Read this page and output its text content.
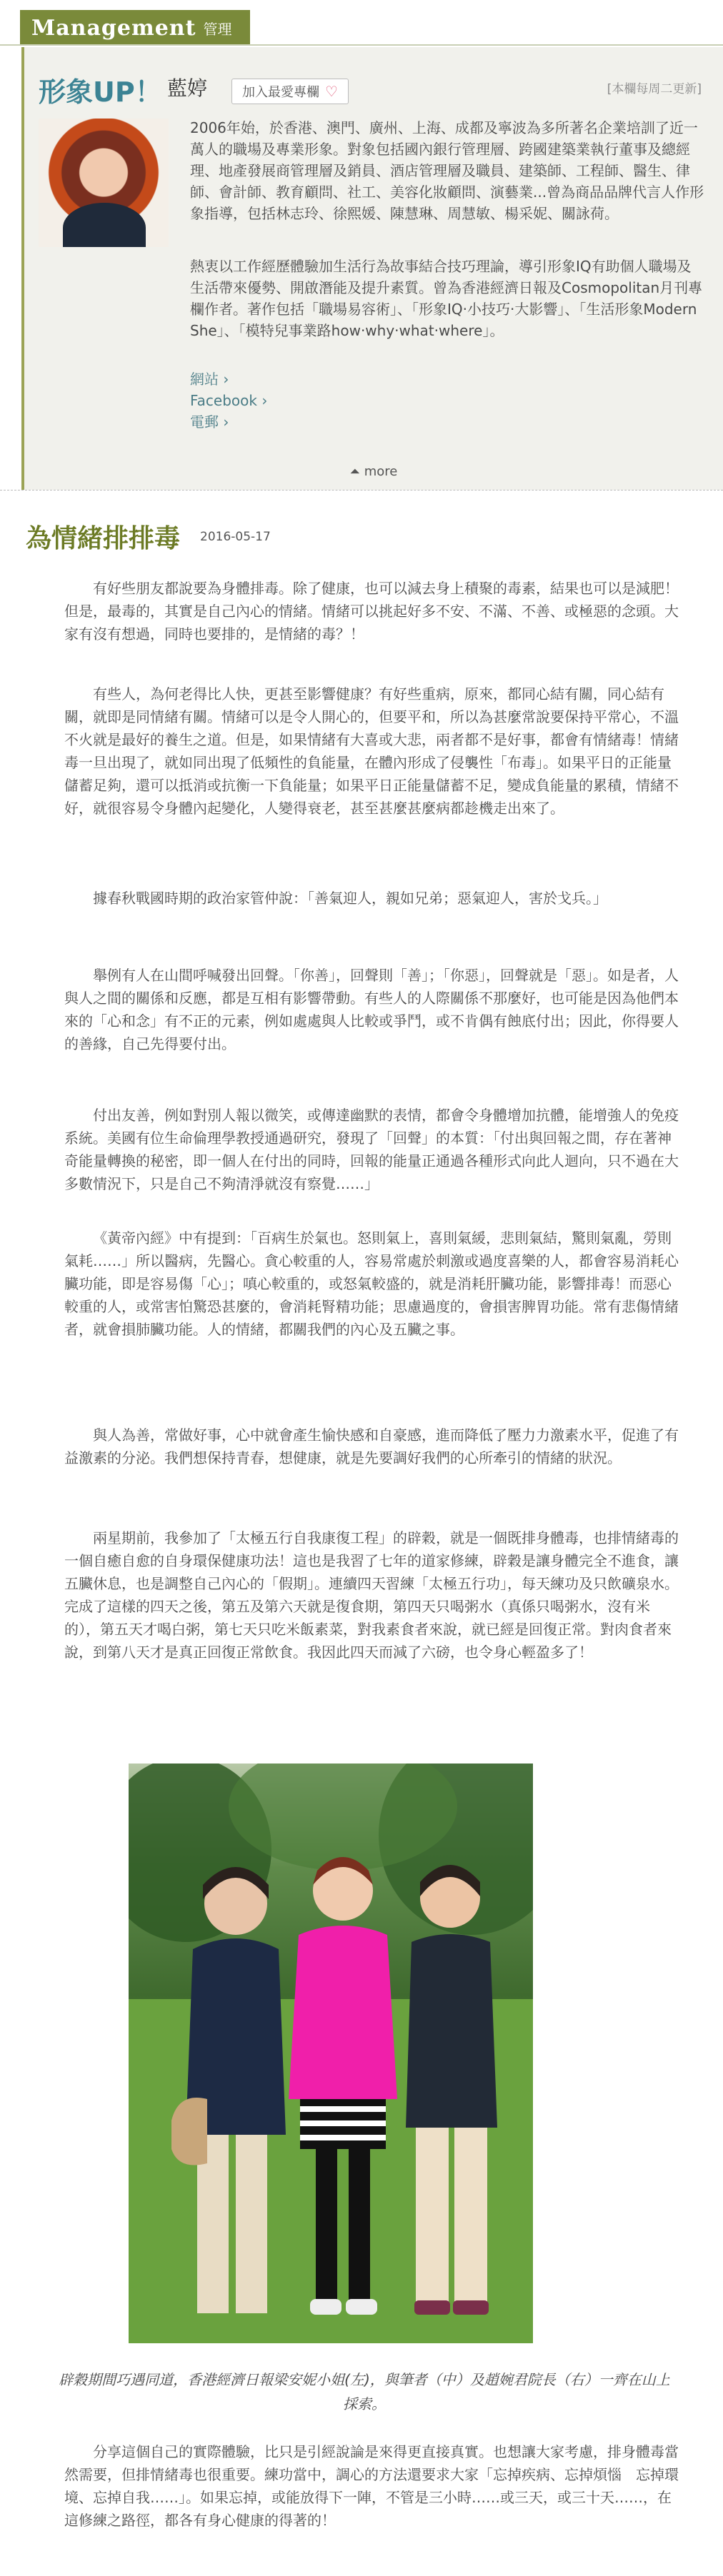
Management 管理
形象UP！ 藍婷	加入最愛專欄 ♡	[本欄每周二更新]
2006年始，於香港、澳門、廣州、上海、成都及寧波為多所著名企業培訓了近一萬人的職場及專業形象。對象包括國內銀行管理層、跨國建築業執行董事及總經理、地產發展商管理層及銷員、酒店管理層及職員、建築師、工程師、醫生、律師、會計師、教育顧問、社工、美容化妝顧問、演藝業...曾為商品品牌代言人作形象指導，包括林志玲、徐熙媛、陳慧琳、周慧敏、楊采妮、關詠荷。
熱衷以工作經歷體驗加生活行為故事結合技巧理論，導引形象IQ有助個人職場及生活帶來優勢、開啟潛能及提升素質。曾為香港經濟日報及Cosmopolitan月刊專欄作者。著作包括「職場易容術」、「形象IQ‧小技巧‧大影響」、「生活形象Modern She」、「模特兒事業路how‧why‧what‧where」。
網站 ›
Facebook ›
電郵 ›
⏶ more
為情緒排排毒 2016-05-17
有好些朋友都說要為身體排毒。除了健康，也可以減去身上積聚的毒素，結果也可以是減肥！但是，最毒的，其實是自己內心的情緒。情緒可以挑起好多不安、不滿、不善、或極惡的念頭。大家有沒有想過，同時也要排的，是情緒的毒？！
有些人，為何老得比人快，更甚至影響健康？有好些重病，原來，都同心結有關，同心結有關，就即是同情緒有關。情緒可以是令人開心的，但要平和，所以為甚麼常說要保持平常心，不溫不火就是最好的養生之道。但是，如果情緒有大喜或大悲，兩者都不是好事，都會有情緒毒！情緒毒一旦出現了，就如同出現了低頻性的負能量，在體內形成了侵襲性「布毒」。如果平日的正能量儲蓄足夠，還可以抵消或抗衡一下負能量；如果平日正能量儲蓄不足，變成負能量的累積，情緒不好，就很容易令身體內起變化，人變得衰老，甚至甚麼甚麼病都趁機走出來了。
據春秋戰國時期的政治家管仲說：「善氣迎人，親如兄弟；惡氣迎人，害於戈兵。」
舉例有人在山間呼喊發出回聲。「你善」，回聲則「善」；「你惡」，回聲就是「惡」。如是者，人與人之間的關係和反應，都是互相有影響帶動。有些人的人際關係不那麼好，也可能是因為他們本來的「心和念」有不正的元素，例如處處與人比較或爭鬥，或不肯偶有蝕底付出；因此，你得要人的善緣，自己先得要付出。
付出友善，例如對別人報以微笑，或傳達幽默的表情，都會令身體增加抗體，能增強人的免疫系統。美國有位生命倫理學教授通過研究，發現了「回聲」的本質：「付出與回報之間，存在著神奇能量轉換的秘密，即一個人在付出的同時，回報的能量正通過各種形式向此人迴向，只不過在大多數情況下，只是自己不夠清淨就沒有察覺……」
《黃帝內經》中有提到：「百病生於氣也。怒則氣上，喜則氣緩，悲則氣結，驚則氣亂，勞則氣耗……」所以醫病，先醫心。貪心較重的人，容易常處於刺激或過度喜樂的人，都會容易消耗心臟功能，即是容易傷「心」；嗔心較重的，或怒氣較盛的，就是消耗肝臟功能，影響排毒！而惡心較重的人，或常害怕驚恐甚麼的，會消耗腎精功能；思慮過度的，會損害脾胃功能。常有悲傷情緒者，就會損肺臟功能。人的情緒，都關我們的內心及五臟之事。
與人為善，常做好事，心中就會產生愉快感和自豪感，進而降低了壓力力激素水平，促進了有益激素的分泌。我們想保持青春，想健康，就是先要調好我們的心所牽引的情緒的狀況。
兩星期前，我參加了「太極五行自我康復工程」的辟穀，就是一個既排身體毒，也排情緒毒的一個自癒自愈的自身環保健康功法！這也是我習了七年的道家修練，辟穀是讓身體完全不進食，讓五臟休息，也是調整自己內心的「假期」。連續四天習練「太極五行功」，每天練功及只飲礦泉水。完成了這樣的四天之後，第五及第六天就是復食期，第四天只喝粥水（真係只喝粥水，沒有米的），第五天才喝白粥，第七天只吃米飯素菜，對我素食者來說，就已經是回復正常。對肉食者來說，到第八天才是真正回復正常飲食。我因此四天而減了六磅，也令身心輕盈多了！
辟穀期間巧遇同道，香港經濟日報梁安妮小姐(左)，與筆者（中）及趙婉君院長（右）一齊在山上採索。
分享這個自己的實際體驗，比只是引經說論是來得更直接真實。也想讓大家考慮，排身體毒當然需要，但排情緒毒也很重要。練功當中，調心的方法還要求大家「忘掉疾病、忘掉煩惱　忘掉環境、忘掉自我……」。如果忘掉，或能放得下一陣，不管是三小時……或三天，或三十天……，在這修練之路徑，都各有身心健康的得著的！
